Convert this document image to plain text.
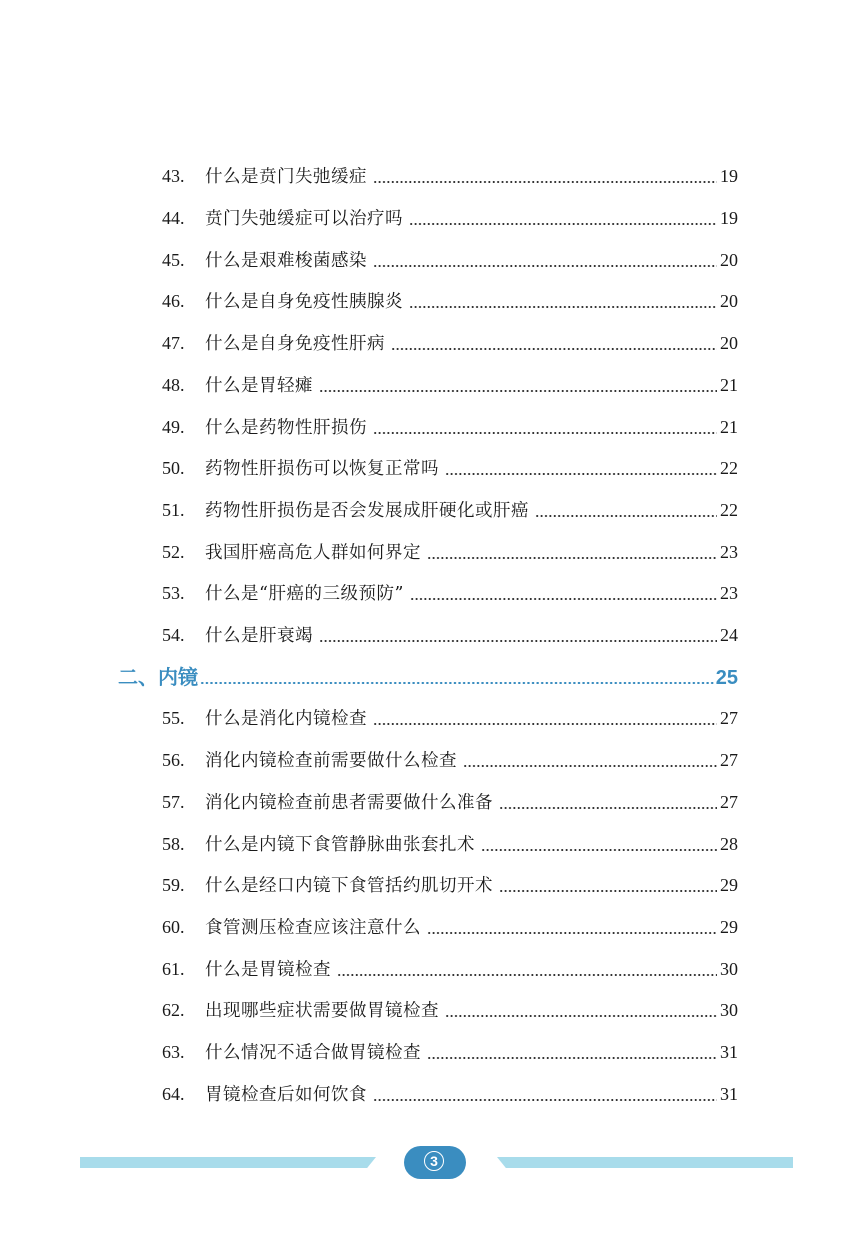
43.	什么是贲门失弛缓症	19
44.	贲门失弛缓症可以治疗吗	19
45.	什么是艰难梭菌感染	20
46.	什么是自身免疫性胰腺炎	20
47.	什么是自身免疫性肝病	20
48.	什么是胃轻瘫	21
49.	什么是药物性肝损伤	21
50.	药物性肝损伤可以恢复正常吗	22
51.	药物性肝损伤是否会发展成肝硬化或肝癌	22
52.	我国肝癌高危人群如何界定	23
53.	什么是“肝癌的三级预防”	23
54.	什么是肝衰竭	24
二、内镜	25
55.	什么是消化内镜检查	27
56.	消化内镜检查前需要做什么检查	27
57.	消化内镜检查前患者需要做什么准备	27
58.	什么是内镜下食管静脉曲张套扎术	28
59.	什么是经口内镜下食管括约肌切开术	29
60.	食管测压检查应该注意什么	29
61.	什么是胃镜检查	30
62.	出现哪些症状需要做胃镜检查	30
63.	什么情况不适合做胃镜检查	31
64.	胃镜检查后如何饮食	31
3
